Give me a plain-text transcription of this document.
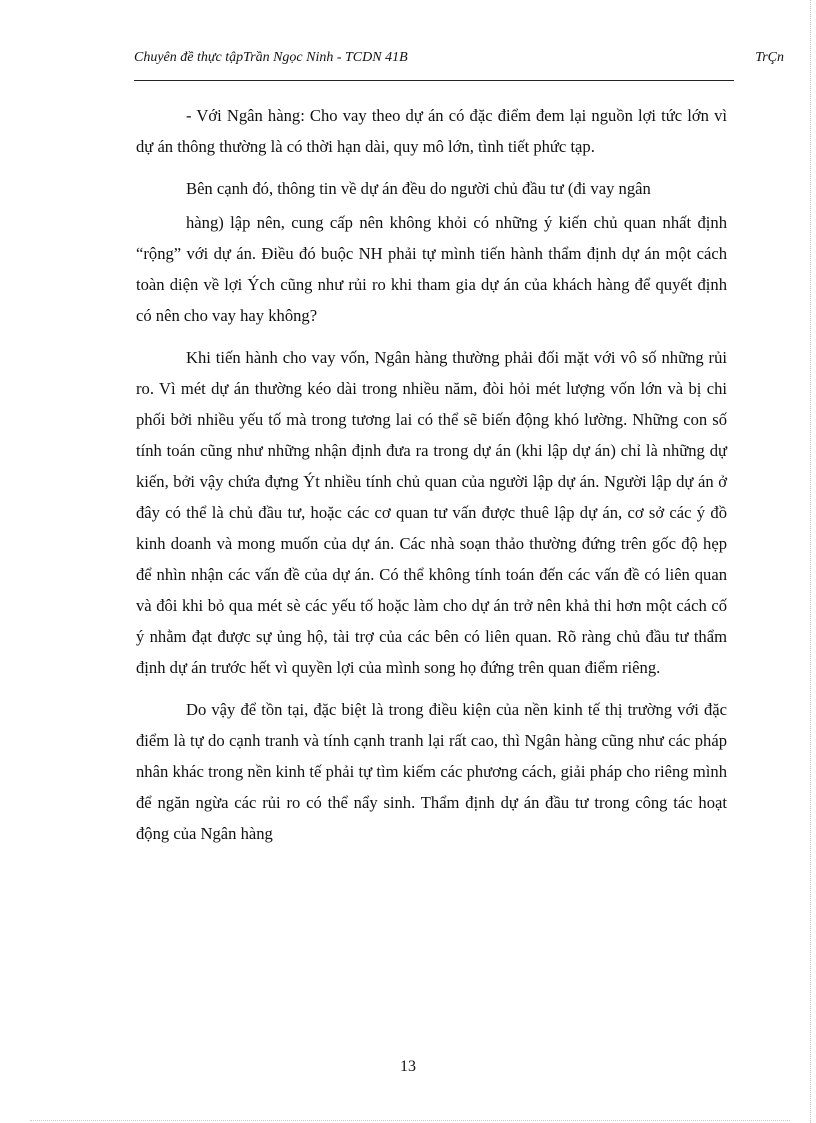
Chuyên đề thực tậpTrần Ngọc Ninh - TCDN 41B	TrÇn

- Với Ngân hàng: Cho vay theo dự án có đặc điểm đem lại nguồn lợi tức lớn vì dự án thông thường là có thời hạn dài, quy mô lớn, tình tiết phức tạp.

Bên cạnh đó, thông tin về dự án đều do người chủ đầu tư (đi vay ngân

hàng) lập nên, cung cấp nên không khỏi có những ý kiến chủ quan nhất định “rộng” với dự án. Điều đó buộc NH phải tự mình tiến hành thẩm định dự án một cách toàn diện về lợi Ých cũng như rủi ro khi tham gia dự án của khách hàng để quyết định có nên cho vay hay không?

Khi tiến hành cho vay vốn, Ngân hàng thường phải đối mặt với vô số những rủi ro. Vì mét dự án thường kéo dài trong nhiều năm, đòi hỏi mét lượng vốn lớn và bị chi phối bởi nhiều yếu tố mà trong tương lai có thể sẽ biến động khó lường. Những con số tính toán cũng như những nhận định đưa ra trong dự án (khi lập dự án) chỉ là những dự kiến, bởi vậy chứa đựng Ýt nhiều tính chủ quan của người lập dự án. Người lập dự án ở đây có thể là chủ đầu tư, hoặc các cơ quan tư vấn được thuê lập dự án, cơ sở các ý đồ kinh doanh và mong muốn của dự án. Các nhà soạn thảo thường đứng trên gốc độ hẹp để nhìn nhận các vấn đề của dự án. Có thể không tính toán đến các vấn đề có liên quan và đôi khi bỏ qua mét sè các yếu tố hoặc làm cho dự án trở nên khả thi hơn một cách cố ý nhằm đạt được sự ủng hộ, tài trợ của các bên có liên quan. Rõ ràng chủ đầu tư thẩm định dự án trước hết vì quyền lợi của mình song họ đứng trên quan điểm riêng.

Do vậy để tồn tại, đặc biệt là trong điều kiện của nền kinh tế thị trường với đặc điểm là tự do cạnh tranh và tính cạnh tranh lại rất cao, thì Ngân hàng cũng như các pháp nhân khác trong nền kinh tế phải tự tìm kiếm các phương cách, giải pháp cho riêng mình để ngăn ngừa các rủi ro có thể nẩy sinh. Thẩm định dự án đầu tư trong công tác hoạt động của Ngân hàng

13
